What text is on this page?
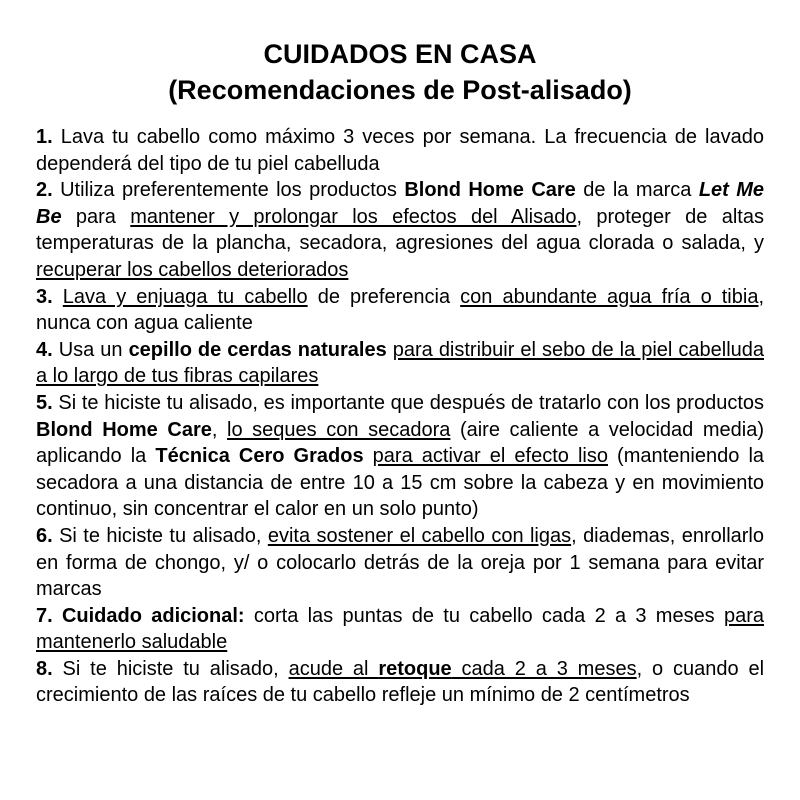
CUIDADOS EN CASA
(Recomendaciones de Post-alisado)

1. Lava tu cabello como máximo 3 veces por semana. La frecuencia de lavado dependerá del tipo de tu piel cabelluda

2. Utiliza preferentemente los productos Blond Home Care de la marca Let Me Be para mantener y prolongar los efectos del Alisado, proteger de altas temperaturas de la plancha, secadora, agresiones del agua clorada o salada, y recuperar los cabellos deteriorados

3. Lava y enjuaga tu cabello de preferencia con abundante agua fría o tibia, nunca con agua caliente

4. Usa un cepillo de cerdas naturales para distribuir el sebo de la piel cabelluda a lo largo de tus fibras capilares

5. Si te hiciste tu alisado, es importante que después de tratarlo con los productos Blond Home Care, lo seques con secadora (aire caliente a velocidad media) aplicando la Técnica Cero Grados para activar el efecto liso (manteniendo la secadora a una distancia de entre 10 a 15 cm sobre la cabeza y en movimiento continuo, sin concentrar el calor en un solo punto)

6. Si te hiciste tu alisado, evita sostener el cabello con ligas, diademas, enrollarlo en forma de chongo, y/ o colocarlo detrás de la oreja por 1 semana para evitar marcas

7. Cuidado adicional: corta las puntas de tu cabello cada 2 a 3 meses para mantenerlo saludable

8. Si te hiciste tu alisado, acude al retoque cada 2 a 3 meses, o cuando el crecimiento de las raíces de tu cabello refleje un mínimo de 2 centímetros
